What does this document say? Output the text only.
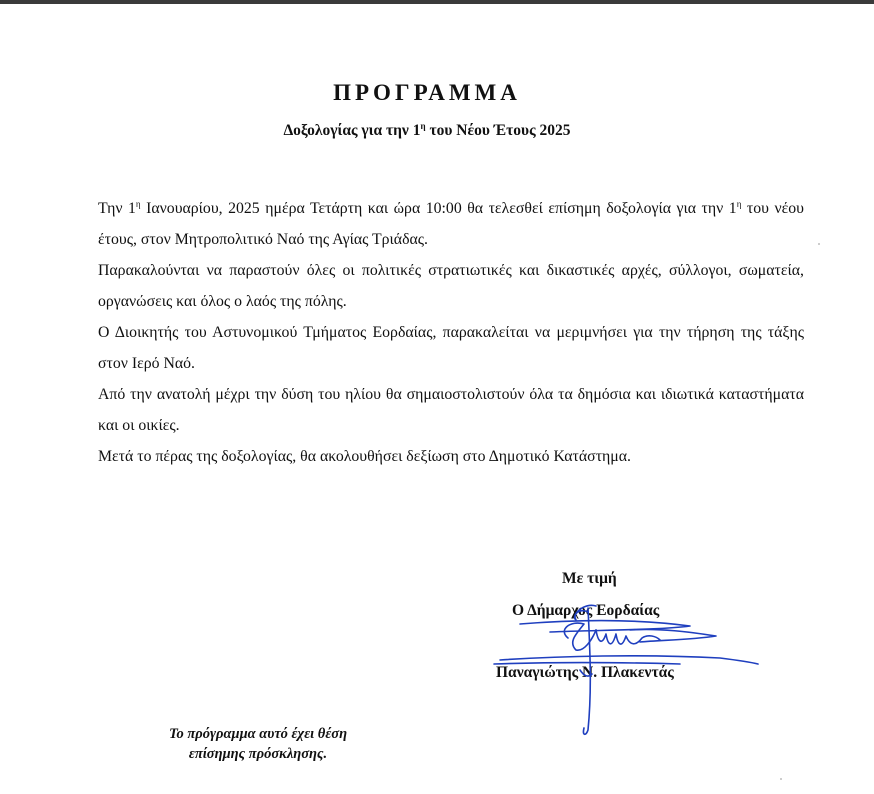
ΠΡΟΓΡΑΜΜΑ
Δοξολογίας για την $1^\eta$ του Νέου Έτους 2025

Την $1^\eta$ Ιανουαρίου, 2025 ημέρα Τετάρτη και ώρα 10:00 θα τελεσθεί επίσημη δοξολογία για την $1^\eta$ του νέου έτους, στον Μητροπολιτικό Ναό της Αγίας Τριάδας.

Παρακαλούνται να παραστούν όλες οι πολιτικές στρατιωτικές και δικαστικές αρχές, σύλλογοι, σωματεία, οργανώσεις και όλος ο λαός της πόλης.

Ο Διοικητής του Αστυνομικού Τμήματος Εορδαίας, παρακαλείται να μεριμνήσει για την τήρηση της τάξης στον Ιερό Ναό.

Από την ανατολή μέχρι την δύση του ηλίου θα σημαιοστολιστούν όλα τα δημόσια και ιδιωτικά καταστήματα και οι οικίες.

Μετά το πέρας της δοξολογίας, θα ακολουθήσει δεξίωση στο Δημοτικό Κατάστημα.

Με τιμή
Ο Δήμαρχος Εορδαίας
Παναγιώτης Ν. Πλακεντάς
Το πρόγραμμα αυτό έχει θέση
επίσημης πρόσκλησης.
